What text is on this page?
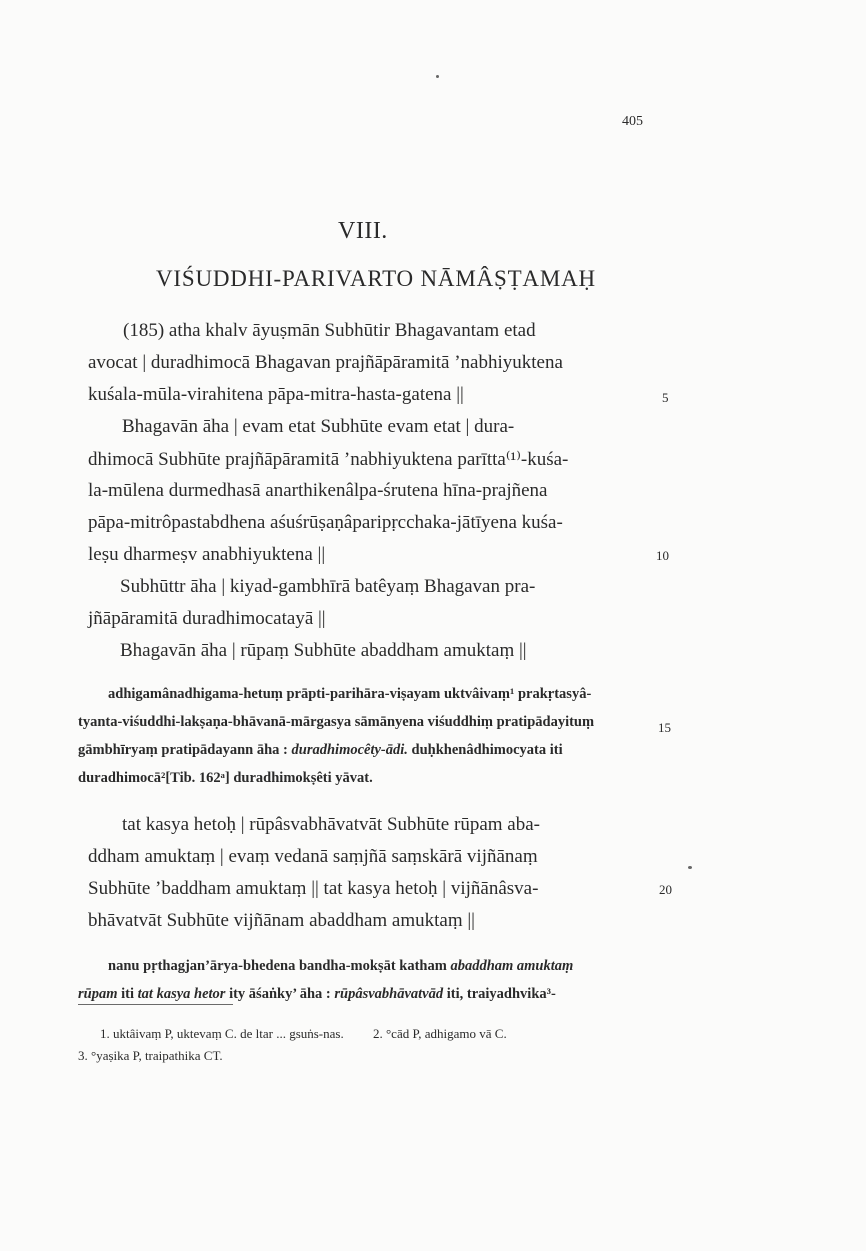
405
VIII.
VIŚUDDHI-PARIVARTO NĀMÂṢṬAMAḤ
(185) atha khalv āyuṣmān Subhūtir Bhagavantam etad
avocat | duradhimocā Bhagavan prajñāpāramitā ’nabhiyuktena
kuśala-mūla-virahitena pāpa-mitra-hasta-gatena ||
Bhagavān āha | evam etat Subhūte evam etat | dura-
dhimocā Subhūte prajñāpāramitā ’nabhiyuktena parītta⁽¹⁾-kuśa-
la-mūlena durmedhasā anarthikenâlpa-śrutena hīna-prajñena
pāpa-mitrôpastabdhena aśuśrūṣaṇâparipṛcchaka-jātīyena kuśa-
leṣu dharmeṣv anabhiyuktena ||
Subhūttr āha | kiyad-gambhīrā batêyaṃ Bhagavan pra-
jñāpāramitā duradhimocatayā ||
Bhagavān āha | rūpaṃ Subhūte abaddham amuktaṃ ||
5
10
15
20
adhigamânadhigama-hetuṃ prāpti-parihāra-viṣayam uktvâivaṃ¹ prakṛtasyâ-
tyanta-viśuddhi-lakṣaṇa-bhāvanā-mārgasya sāmānyena viśuddhiṃ pratipādayituṃ
gāmbhīryaṃ pratipādayann āha : duradhimocêty-ādi. duḥkhenâdhimocyata iti
duradhimocā²[Tib. 162ᵃ] duradhimokṣêti yāvat.
tat kasya hetoḥ | rūpâsvabhāvatvāt Subhūte rūpam aba-
ddham amuktaṃ | evaṃ vedanā saṃjñā saṃskārā vijñānaṃ
Subhūte ’baddham amuktaṃ || tat kasya hetoḥ | vijñānâsva-
bhāvatvāt Subhūte vijñānam abaddham amuktaṃ ||
nanu pṛthagjan’ārya-bhedena bandha-mokṣāt katham abaddham amuktaṃ
rūpam iti tat kasya hetor ity āśaṅky’ āha : rūpâsvabhāvatvād iti, traiyadhvika³-
1. uktâivaṃ P, uktevaṃ C. de ltar ... gsuṅs-nas. 2. °cād P, adhigamo vā C.
3. °yaṣika P, traipathika CT.
